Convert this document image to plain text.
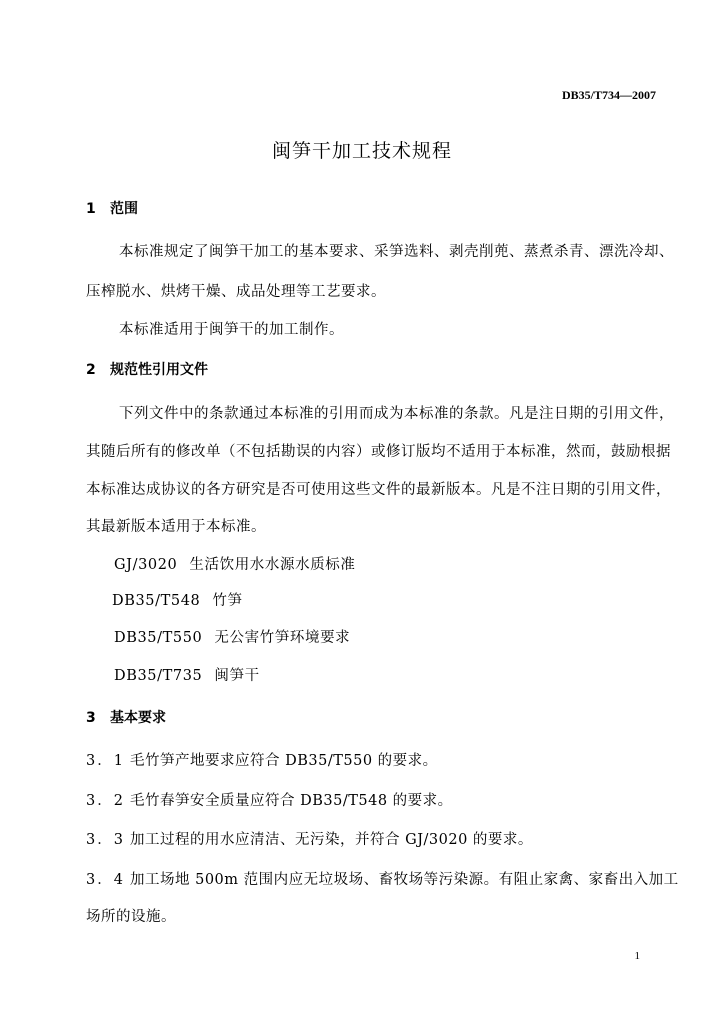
DB35/T734—2007
闽笋干加工技术规程
1 范围
本标准规定了闽笋干加工的基本要求、采笋选料、剥壳削蔸、蒸煮杀青、漂洗冷却、
压榨脱水、烘烤干燥、成品处理等工艺要求。
本标准适用于闽笋干的加工制作。
2 规范性引用文件
下列文件中的条款通过本标准的引用而成为本标准的条款。凡是注日期的引用文件，
其随后所有的修改单（不包括勘误的内容）或修订版均不适用于本标准，然而，鼓励根据
本标准达成协议的各方研究是否可使用这些文件的最新版本。凡是不注日期的引用文件，
其最新版本适用于本标准。
GJ/3020 生活饮用水水源水质标准
DB35/T548 竹笋
DB35/T550 无公害竹笋环境要求
DB35/T735 闽笋干
3 基本要求
3．1 毛竹笋产地要求应符合 DB35/T550 的要求。
3．2 毛竹春笋安全质量应符合 DB35/T548 的要求。
3．3 加工过程的用水应清洁、无污染，并符合 GJ/3020 的要求。
3．4 加工场地 500m 范围内应无垃圾场、畜牧场等污染源。有阻止家禽、家畜出入加工
场所的设施。
1
